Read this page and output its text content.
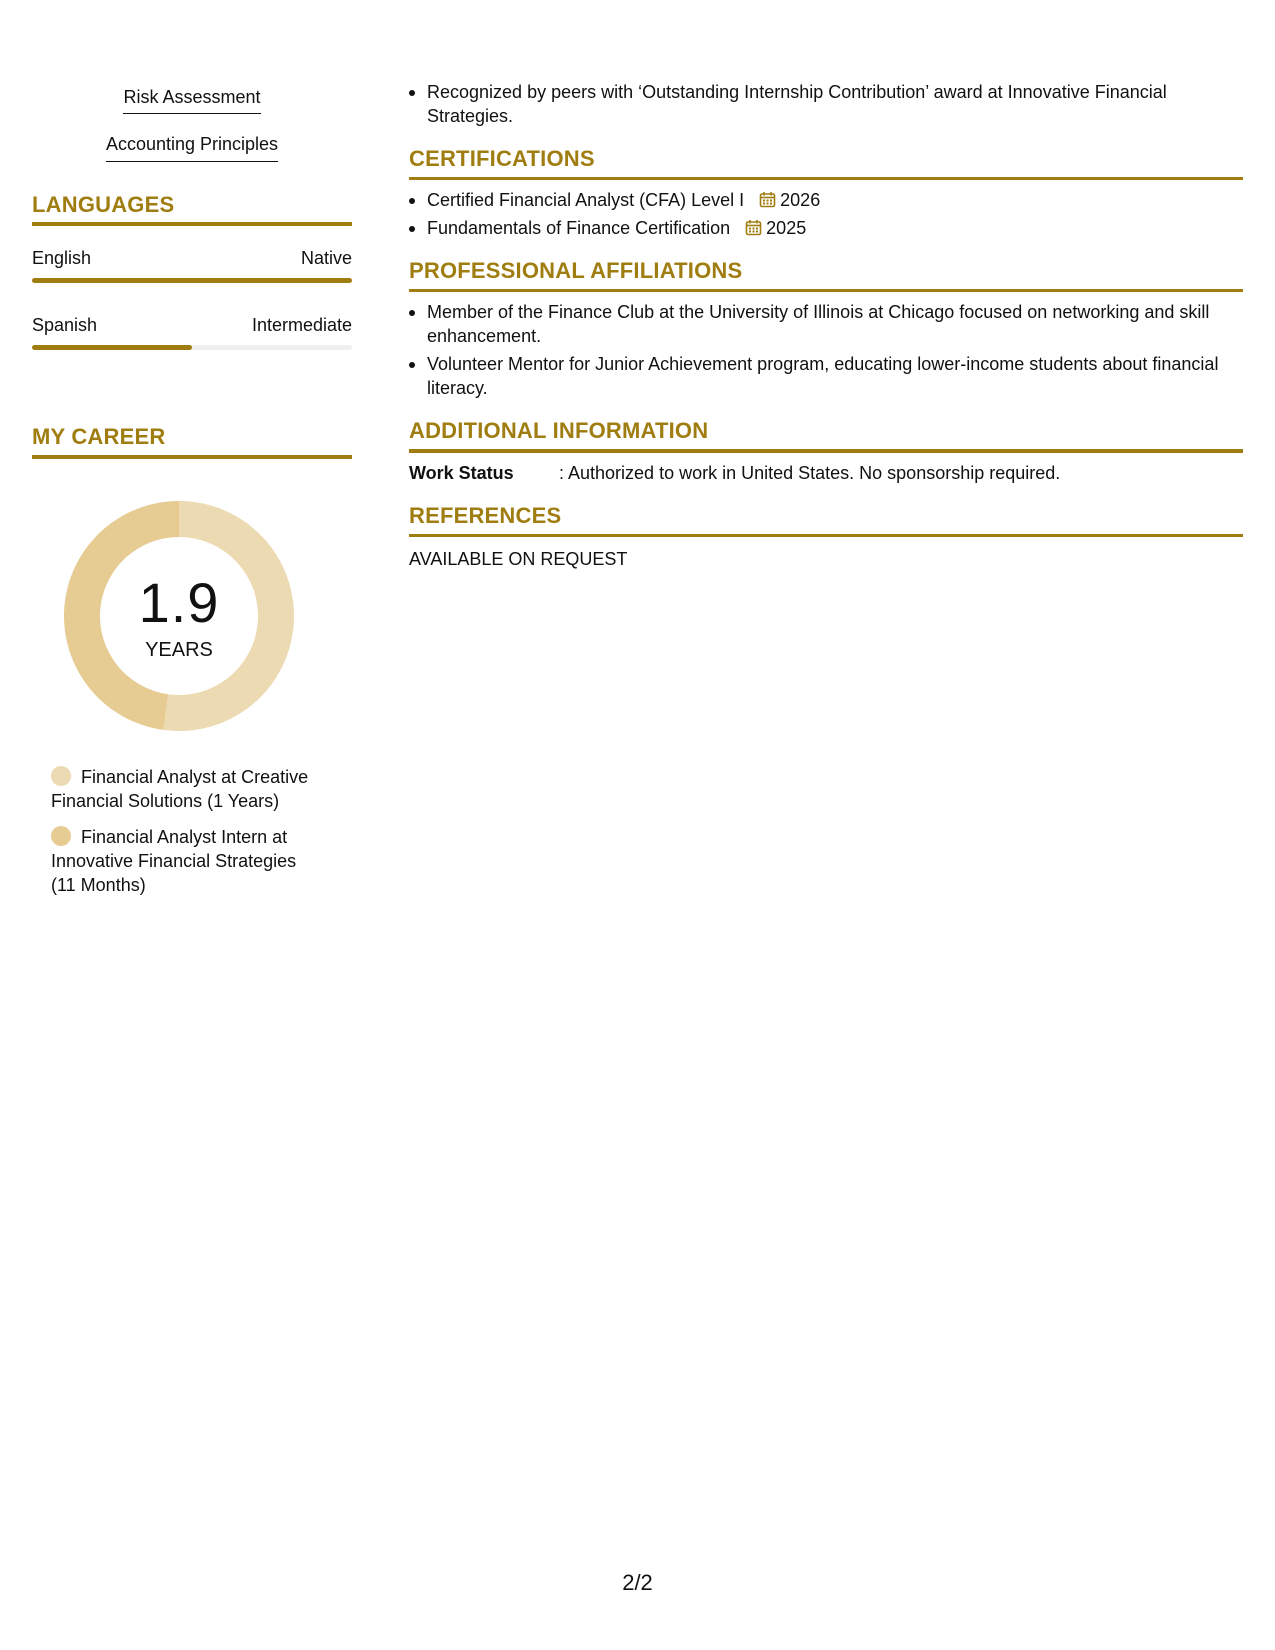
Risk Assessment
Accounting Principles
LANGUAGES
English	Native
Spanish	Intermediate
MY CAREER
1.9
YEARS
Financial Analyst at Creative Financial Solutions (1 Years)
Financial Analyst Intern at Innovative Financial Strategies (11 Months)
Recognized by peers with ‘Outstanding Internship Contribution’ award at Innovative Financial Strategies.
CERTIFICATIONS
Certified Financial Analyst (CFA) Level I 2026
Fundamentals of Finance Certification 2025
PROFESSIONAL AFFILIATIONS
Member of the Finance Club at the University of Illinois at Chicago focused on networking and skill enhancement.
Volunteer Mentor for Junior Achievement program, educating lower-income students about financial literacy.
ADDITIONAL INFORMATION
Work Status	: Authorized to work in United States. No sponsorship required.
REFERENCES
AVAILABLE ON REQUEST
2/2
